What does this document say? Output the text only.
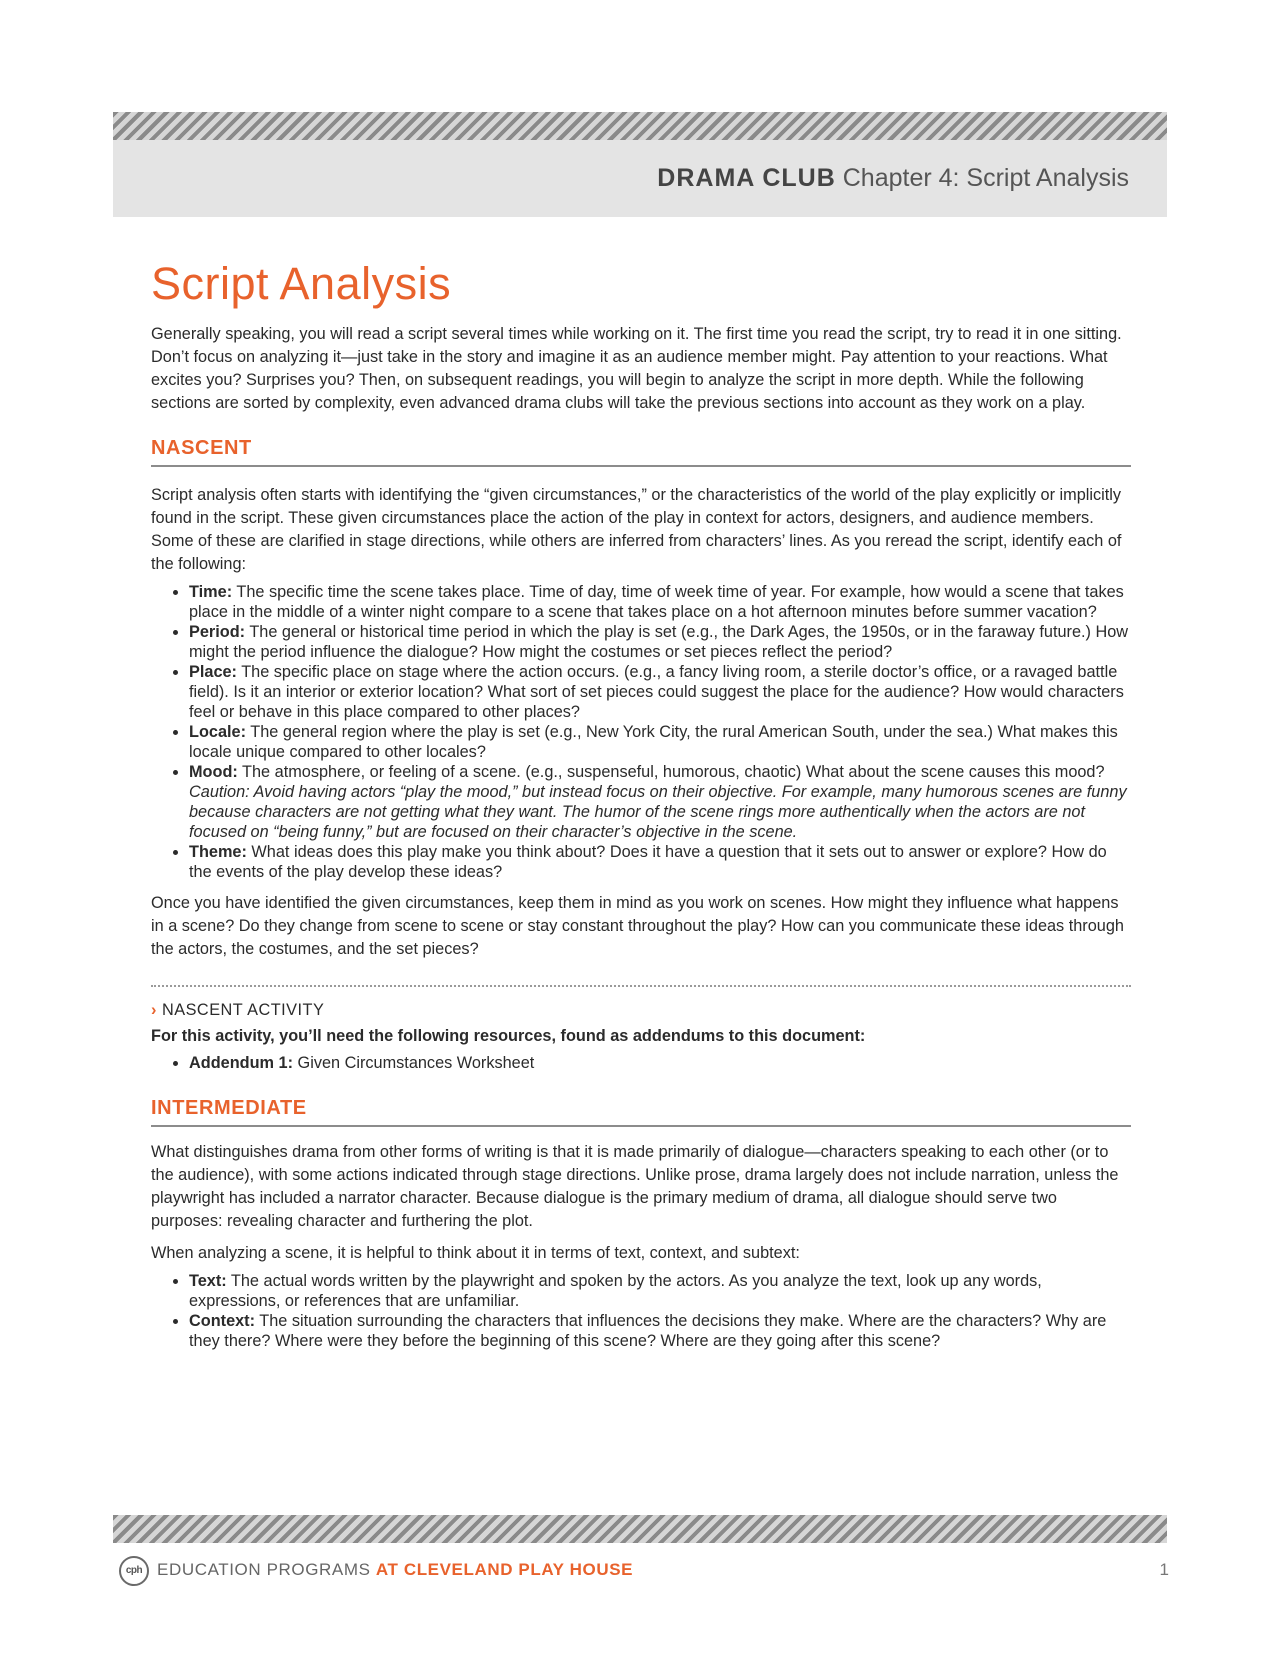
DRAMA CLUB Chapter 4: Script Analysis
Script Analysis

Generally speaking, you will read a script several times while working on it. The first time you read the script, try to read it in one sitting. Don’t focus on analyzing it—just take in the story and imagine it as an audience member might. Pay attention to your reactions. What excites you? Surprises you? Then, on subsequent readings, you will begin to analyze the script in more depth. While the following sections are sorted by complexity, even advanced drama clubs will take the previous sections into account as they work on a play.

NASCENT

Script analysis often starts with identifying the “given circumstances,” or the characteristics of the world of the play explicitly or implicitly found in the script. These given circumstances place the action of the play in context for actors, designers, and audience members. Some of these are clarified in stage directions, while others are inferred from characters’ lines. As you reread the script, identify each of the following:

• Time: The specific time the scene takes place. Time of day, time of week time of year. For example, how would a scene that takes place in the middle of a winter night compare to a scene that takes place on a hot afternoon minutes before summer vacation?
• Period: The general or historical time period in which the play is set (e.g., the Dark Ages, the 1950s, or in the faraway future.) How might the period influence the dialogue? How might the costumes or set pieces reflect the period?
• Place: The specific place on stage where the action occurs. (e.g., a fancy living room, a sterile doctor’s office, or a ravaged battle field). Is it an interior or exterior location? What sort of set pieces could suggest the place for the audience? How would characters feel or behave in this place compared to other places?
• Locale: The general region where the play is set (e.g., New York City, the rural American South, under the sea.) What makes this locale unique compared to other locales?
• Mood: The atmosphere, or feeling of a scene. (e.g., suspenseful, humorous, chaotic) What about the scene causes this mood? Caution: Avoid having actors “play the mood,” but instead focus on their objective. For example, many humorous scenes are funny because characters are not getting what they want. The humor of the scene rings more authentically when the actors are not focused on “being funny,” but are focused on their character’s objective in the scene.
• Theme: What ideas does this play make you think about? Does it have a question that it sets out to answer or explore? How do the events of the play develop these ideas?

Once you have identified the given circumstances, keep them in mind as you work on scenes. How might they influence what happens in a scene? Do they change from scene to scene or stay constant throughout the play? How can you communicate these ideas through the actors, the costumes, and the set pieces?

› NASCENT ACTIVITY

For this activity, you’ll need the following resources, found as addendums to this document:

• Addendum 1: Given Circumstances Worksheet
INTERMEDIATE

What distinguishes drama from other forms of writing is that it is made primarily of dialogue—characters speaking to each other (or to the audience), with some actions indicated through stage directions. Unlike prose, drama largely does not include narration, unless the playwright has included a narrator character. Because dialogue is the primary medium of drama, all dialogue should serve two purposes: revealing character and furthering the plot.

When analyzing a scene, it is helpful to think about it in terms of text, context, and subtext:

• Text: The actual words written by the playwright and spoken by the actors. As you analyze the text, look up any words, expressions, or references that are unfamiliar.
• Context: The situation surrounding the characters that influences the decisions they make. Where are the characters? Why are they there? Where were they before the beginning of this scene? Where are they going after this scene?
cph EDUCATION PROGRAMS AT CLEVELAND PLAY HOUSE	1
